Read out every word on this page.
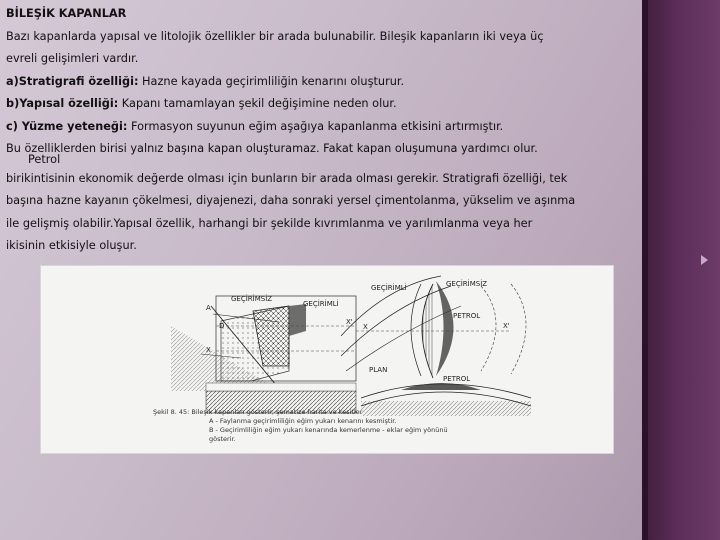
BİLEŞİK KAPANLAR
Bazı kapanlarda yapısal ve litolojik özellikler bir arada bulunabilir. Bileşik kapanların iki veya üç
evreli gelişimleri vardır.
a)Stratigrafi özelliği: Hazne kayada geçirimliliğin kenarını oluşturur.
b)Yapısal özelliği: Kapanı tamamlayan şekil değişimine neden olur.
c) Yüzme yeteneği: Formasyon suyunun eğim aşağıya kapanlanma etkisini artırmıştır.
Bu özelliklerden birisi yalnız başına kapan oluşturamaz. Fakat kapan oluşumuna yardımcı olur.
Petrol
birikintisinin ekonomik değerde olması için bunların bir arada olması gerekir. Stratigrafi özelliği, tek
başına hazne kayanın çökelmesi, diyajenezi, daha sonraki yersel çimentolanma, yükselim ve aşınma
ile gelişmiş olabilir.Yapısal özellik, harhangi bir şekilde kıvrımlanma ve yarılımlanma veya her
ikisinin etkisiyle oluşur.
GEÇİRİMSİZ
GEÇİRİMLİ
A
D
X
X'
GEÇİRİMLİ	GEÇİRİMSİZ
PETROL
PLAN
X	X'
PETROL
Şekil 8. 45: Bileşik kapanları gösterir; şematize harita ve kesitler
A - Faylanma geçirimliliğin eğim yukarı kenarını kesmiştir.
B - Geçirimliliğin eğim yukarı kenarında kemerlenme - eklar eğim yönünü
gösterir.
